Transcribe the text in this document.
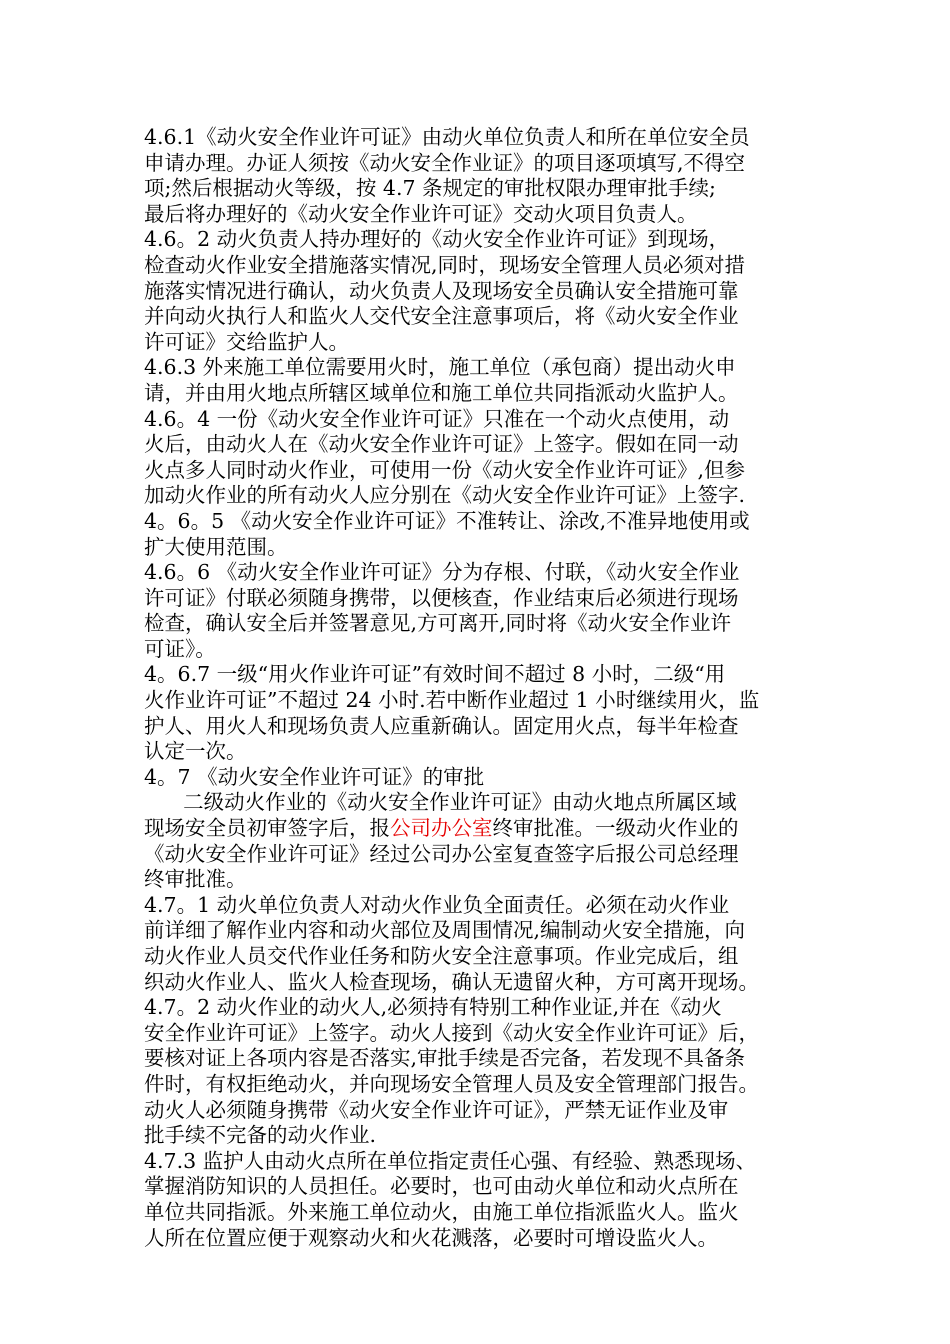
4.6.1《动火安全作业许可证》由动火单位负责人和所在单位安全员
申请办理。办证人须按《动火安全作业证》的项目逐项填写,不得空
项;然后根据动火等级，按 4.7 条规定的审批权限办理审批手续;
最后将办理好的《动火安全作业许可证》交动火项目负责人。
4.6。2 动火负责人持办理好的《动火安全作业许可证》到现场，
检查动火作业安全措施落实情况,同时，现场安全管理人员必须对措
施落实情况进行确认，动火负责人及现场安全员确认安全措施可靠
并向动火执行人和监火人交代安全注意事项后，将《动火安全作业
许可证》交给监护人。
4.6.3 外来施工单位需要用火时，施工单位（承包商）提出动火申
请，并由用火地点所辖区域单位和施工单位共同指派动火监护人。
4.6。4 一份《动火安全作业许可证》只准在一个动火点使用，动
火后，由动火人在《动火安全作业许可证》上签字。假如在同一动
火点多人同时动火作业，可使用一份《动火安全作业许可证》,但参
加动火作业的所有动火人应分别在《动火安全作业许可证》上签字.
4。6。5 《动火安全作业许可证》不准转让、涂改,不准异地使用或
扩大使用范围。
4.6。6 《动火安全作业许可证》分为存根、付联，《动火安全作业
许可证》付联必须随身携带，以便核查，作业结束后必须进行现场
检查，确认安全后并签署意见,方可离开,同时将《动火安全作业许
可证》。
4。6.7 一级“用火作业许可证”有效时间不超过 8 小时，二级“用
火作业许可证”不超过 24 小时.若中断作业超过 1 小时继续用火，监
护人、用火人和现场负责人应重新确认。固定用火点，每半年检查
认定一次。
4。7 《动火安全作业许可证》的审批
二级动火作业的《动火安全作业许可证》由动火地点所属区域
现场安全员初审签字后，报公司办公室终审批准。一级动火作业的
《动火安全作业许可证》经过公司办公室复查签字后报公司总经理
终审批准。
4.7。1 动火单位负责人对动火作业负全面责任。必须在动火作业
前详细了解作业内容和动火部位及周围情况,编制动火安全措施，向
动火作业人员交代作业任务和防火安全注意事项。作业完成后，组
织动火作业人、监火人检查现场，确认无遗留火种，方可离开现场。
4.7。2 动火作业的动火人,必须持有特别工种作业证,并在《动火
安全作业许可证》上签字。动火人接到《动火安全作业许可证》后，
要核对证上各项内容是否落实,审批手续是否完备，若发现不具备条
件时，有权拒绝动火，并向现场安全管理人员及安全管理部门报告。
动火人必须随身携带《动火安全作业许可证》，严禁无证作业及审
批手续不完备的动火作业.
4.7.3 监护人由动火点所在单位指定责任心强、有经验、熟悉现场、
掌握消防知识的人员担任。必要时，也可由动火单位和动火点所在
单位共同指派。外来施工单位动火，由施工单位指派监火人。监火
人所在位置应便于观察动火和火花溅落，必要时可增设监火人。
